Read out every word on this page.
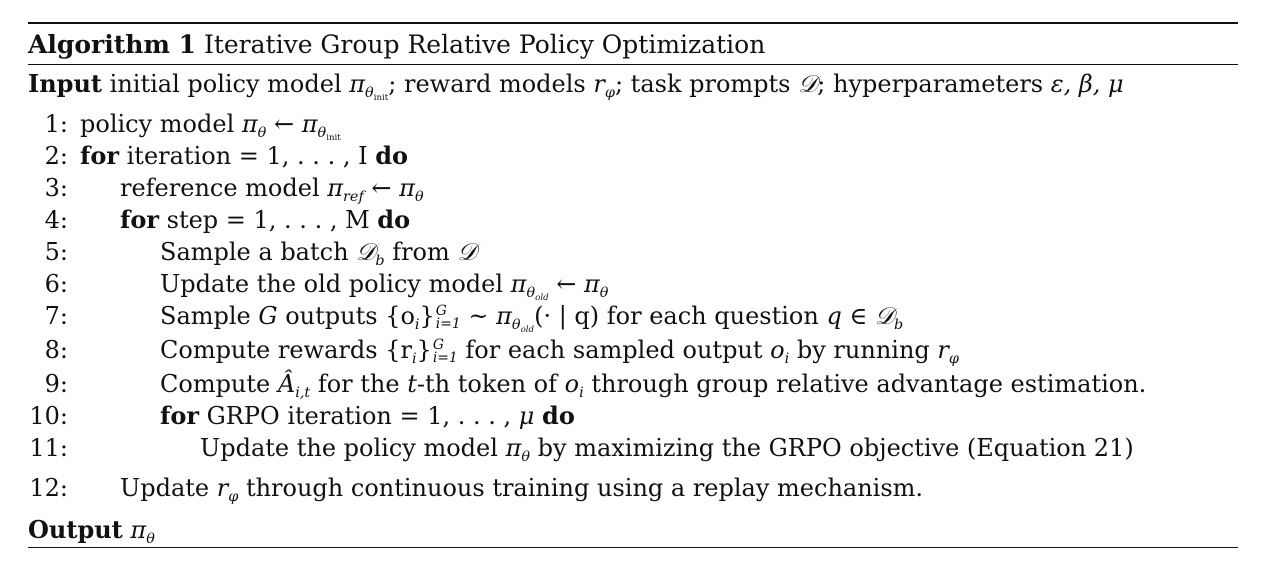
Algorithm 1 Iterative Group Relative Policy Optimization
Input initial policy model $\pi_{\theta_{init}}$; reward models $r_\varphi$; task prompts 𝒟; hyperparameters ε, β, μ
1: policy model $\pi_\theta$ ← $\pi_{\theta_{init}}$
2: for iteration = 1, . . . , I do
3: reference model $\pi_{ref}$ ← $\pi_\theta$
4: for step = 1, . . . , M do
5:	Sample a batch 𝒟$_b$ from 𝒟
6:	Update the old policy model $\pi_{\theta_{old}}$ ← $\pi_\theta$
7:	Sample G outputs $\{o_i\}$ G
i=1 ~ $\pi_{\theta_{old}}(\cdot$ | q) for each question q ∈ 𝒟$_b$
8:	Compute rewards $\{r_i\}$ G
i=1 for each sampled output $o_i$ by running $r_\varphi$
9:	Compute $Â_{i,t}$ for the t-th token of $o_i$ through group relative advantage estimation.
10:	for GRPO iteration = 1, . . . , μ do
11:	Update the policy model $\pi_\theta$ by maximizing the GRPO objective (Equation 21)
12: Update $r_\varphi$ through continuous training using a replay mechanism.
Output $\pi_\theta$
